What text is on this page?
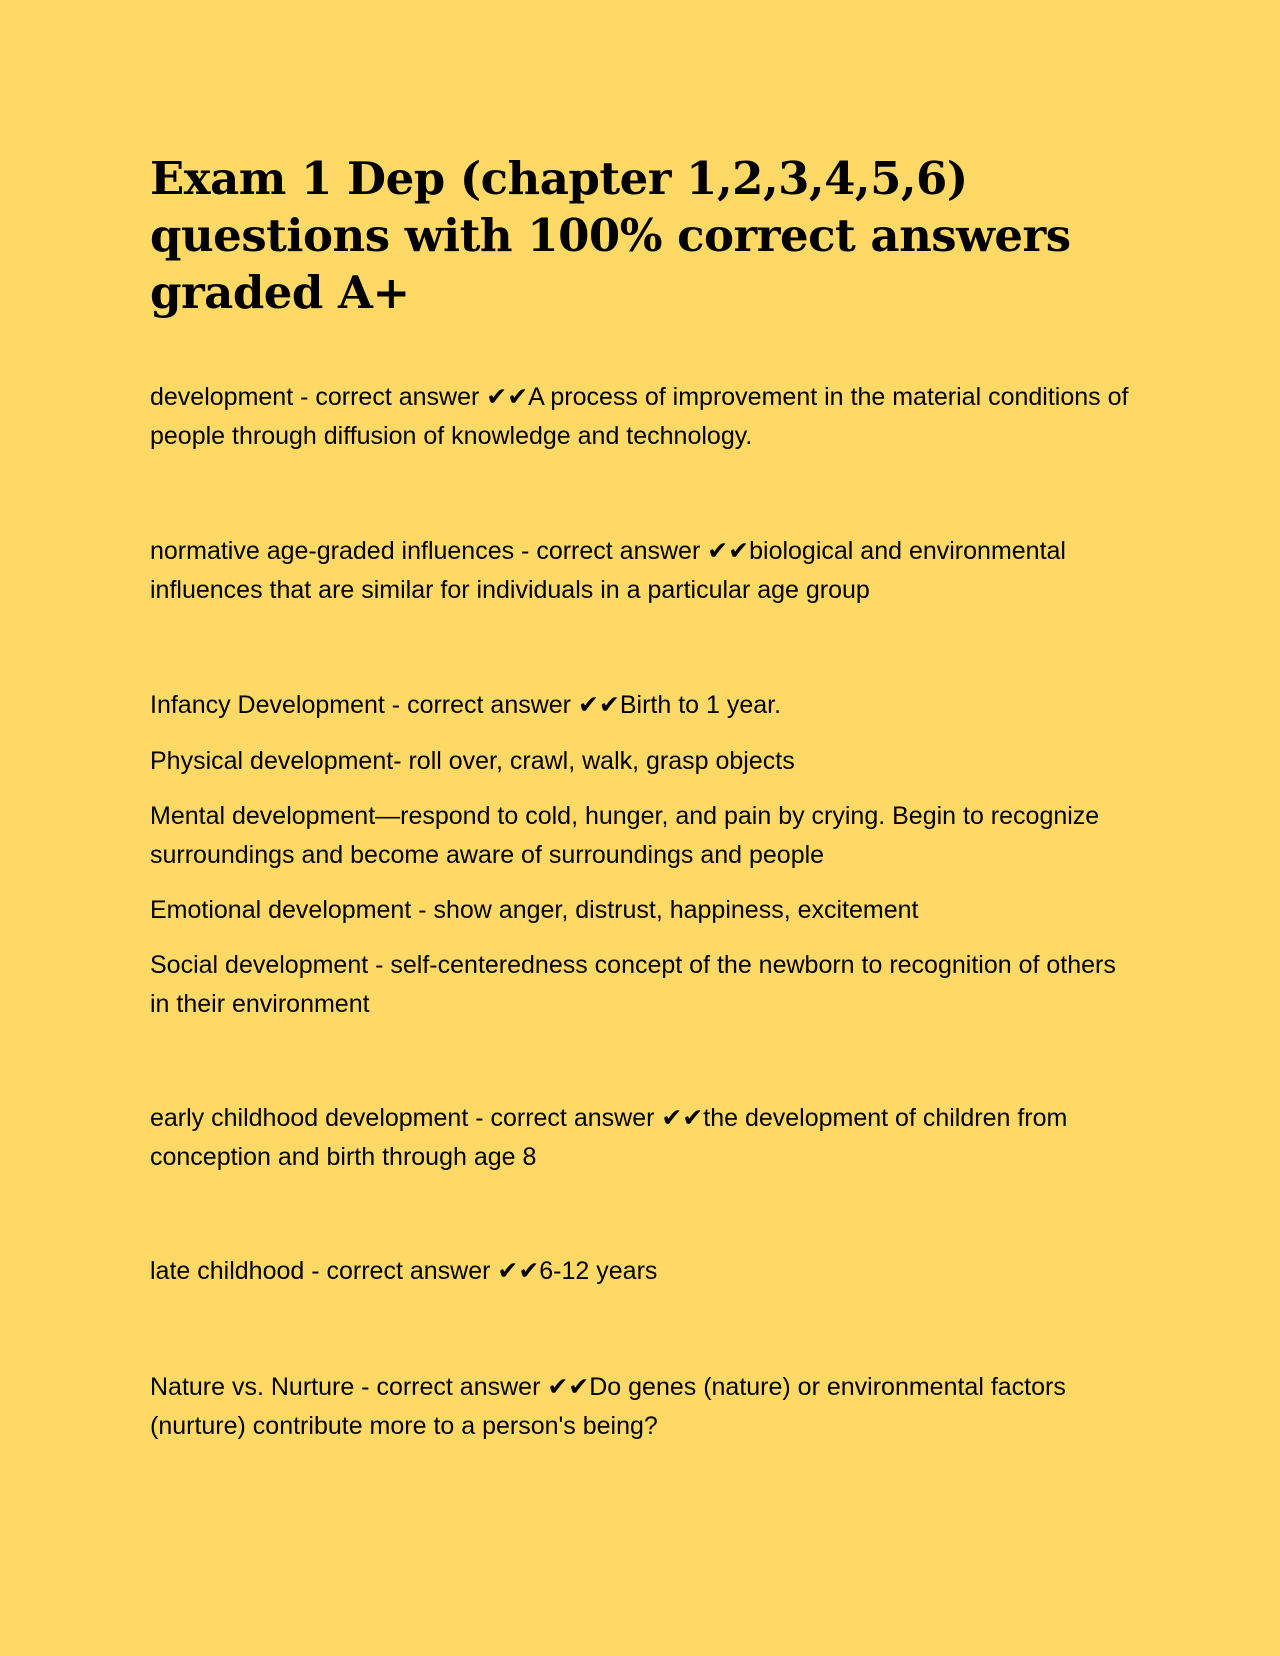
Exam 1 Dep (chapter 1,2,3,4,5,6) questions with 100% correct answers graded A+

development - correct answer ✔✔A process of improvement in the material conditions of people through diffusion of knowledge and technology.

normative age-graded influences - correct answer ✔✔biological and environmental influences that are similar for individuals in a particular age group

Infancy Development - correct answer ✔✔Birth to 1 year.

Physical development- roll over, crawl, walk, grasp objects

Mental development—respond to cold, hunger, and pain by crying. Begin to recognize surroundings and become aware of surroundings and people

Emotional development - show anger, distrust, happiness, excitement

Social development - self-centeredness concept of the newborn to recognition of others in their environment

early childhood development - correct answer ✔✔the development of children from conception and birth through age 8

late childhood - correct answer ✔✔6-12 years

Nature vs. Nurture - correct answer ✔✔Do genes (nature) or environmental factors (nurture) contribute more to a person's being?
